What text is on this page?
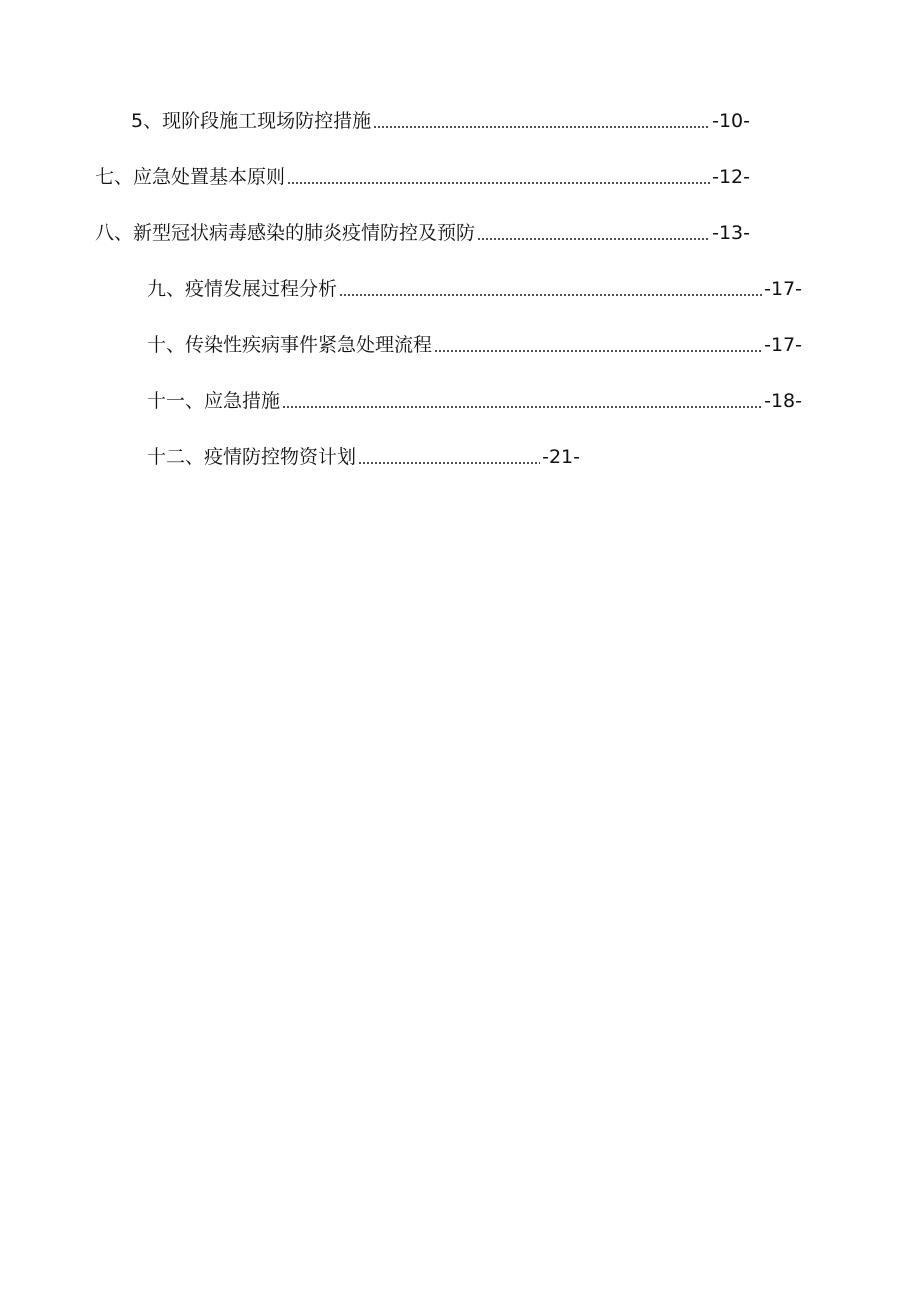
5、现阶段施工现场防控措施	-10-
七、应急处置基本原则	-12-
八、新型冠状病毒感染的肺炎疫情防控及预防	-13-
九、疫情发展过程分析	-17-
十、传染性疾病事件紧急处理流程	-17-
十一、应急措施	-18-
十二、疫情防控物资计划	-21-
